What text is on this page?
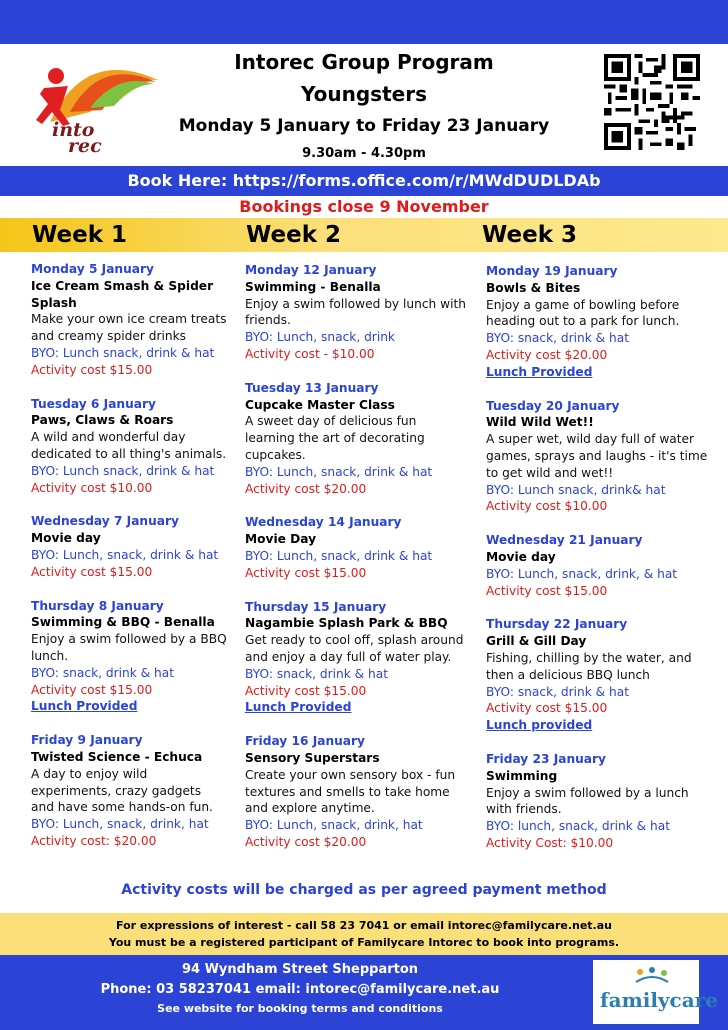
into
rec
Intorec Group Program
Youngsters
Monday 5 January to Friday 23 January
9.30am - 4.30pm
Book Here: https://forms.office.com/r/MWdDUDLDAb
Bookings close 9 November
Week 1	Week 2	Week 3
Monday 5 January
Ice Cream Smash & Spider Splash
Make your own ice cream treats and creamy spider drinks
BYO: Lunch snack, drink & hat
Activity cost $15.00
Tuesday 6 January
Paws, Claws & Roars
A wild and wonderful day dedicated to all thing's animals.
BYO: Lunch snack, drink & hat
Activity cost $10.00
Wednesday 7 January
Movie day
BYO: Lunch, snack, drink & hat
Activity cost $15.00
Thursday 8 January
Swimming & BBQ - Benalla
Enjoy a swim followed by a BBQ lunch.
BYO: snack, drink & hat
Activity cost $15.00
Lunch Provided
Friday 9 January
Twisted Science - Echuca
A day to enjoy wild experiments, crazy gadgets and have some hands-on fun.
BYO: Lunch, snack, drink, hat
Activity cost: $20.00
Monday 12 January
Swimming - Benalla
Enjoy a swim followed by lunch with friends.
BYO: Lunch, snack, drink
Activity cost - $10.00
Tuesday 13 January
Cupcake Master Class
A sweet day of delicious fun learning the art of decorating cupcakes.
BYO: Lunch, snack, drink & hat
Activity cost $20.00
Wednesday 14 January
Movie Day
BYO: Lunch, snack, drink & hat
Activity cost $15.00
Thursday 15 January
Nagambie Splash Park & BBQ
Get ready to cool off, splash around and enjoy a day full of water play.
BYO: snack, drink & hat
Activity cost $15.00
Lunch Provided
Friday 16 January
Sensory Superstars
Create your own sensory box - fun textures and smells to take home and explore anytime.
BYO: Lunch, snack, drink, hat
Activity cost $20.00
Monday 19 January
Bowls & Bites
Enjoy a game of bowling before heading out to a park for lunch.
BYO: snack, drink & hat
Activity cost $20.00
Lunch Provided
Tuesday 20 January
Wild Wild Wet!!
A super wet, wild day full of water games, sprays and laughs - it's time to get wild and wet!!
BYO: Lunch snack, drink& hat
Activity cost $10.00
Wednesday 21 January
Movie day
BYO: Lunch, snack, drink, & hat
Activity cost $15.00
Thursday 22 January
Grill & Gill Day
Fishing, chilling by the water, and then a delicious BBQ lunch
BYO: snack, drink & hat
Activity cost $15.00
Lunch provided
Friday 23 January
Swimming
Enjoy a swim followed by a lunch with friends.
BYO: lunch, snack, drink & hat
Activity Cost: $10.00
Activity costs will be charged as per agreed payment method
For expressions of interest - call 58 23 7041 or email intorec@familycare.net.au
You must be a registered participant of Familycare Intorec to book into programs.
94 Wyndham Street Shepparton
Phone: 03 58237041 email: intorec@familycare.net.au
See website for booking terms and conditions	familycare
